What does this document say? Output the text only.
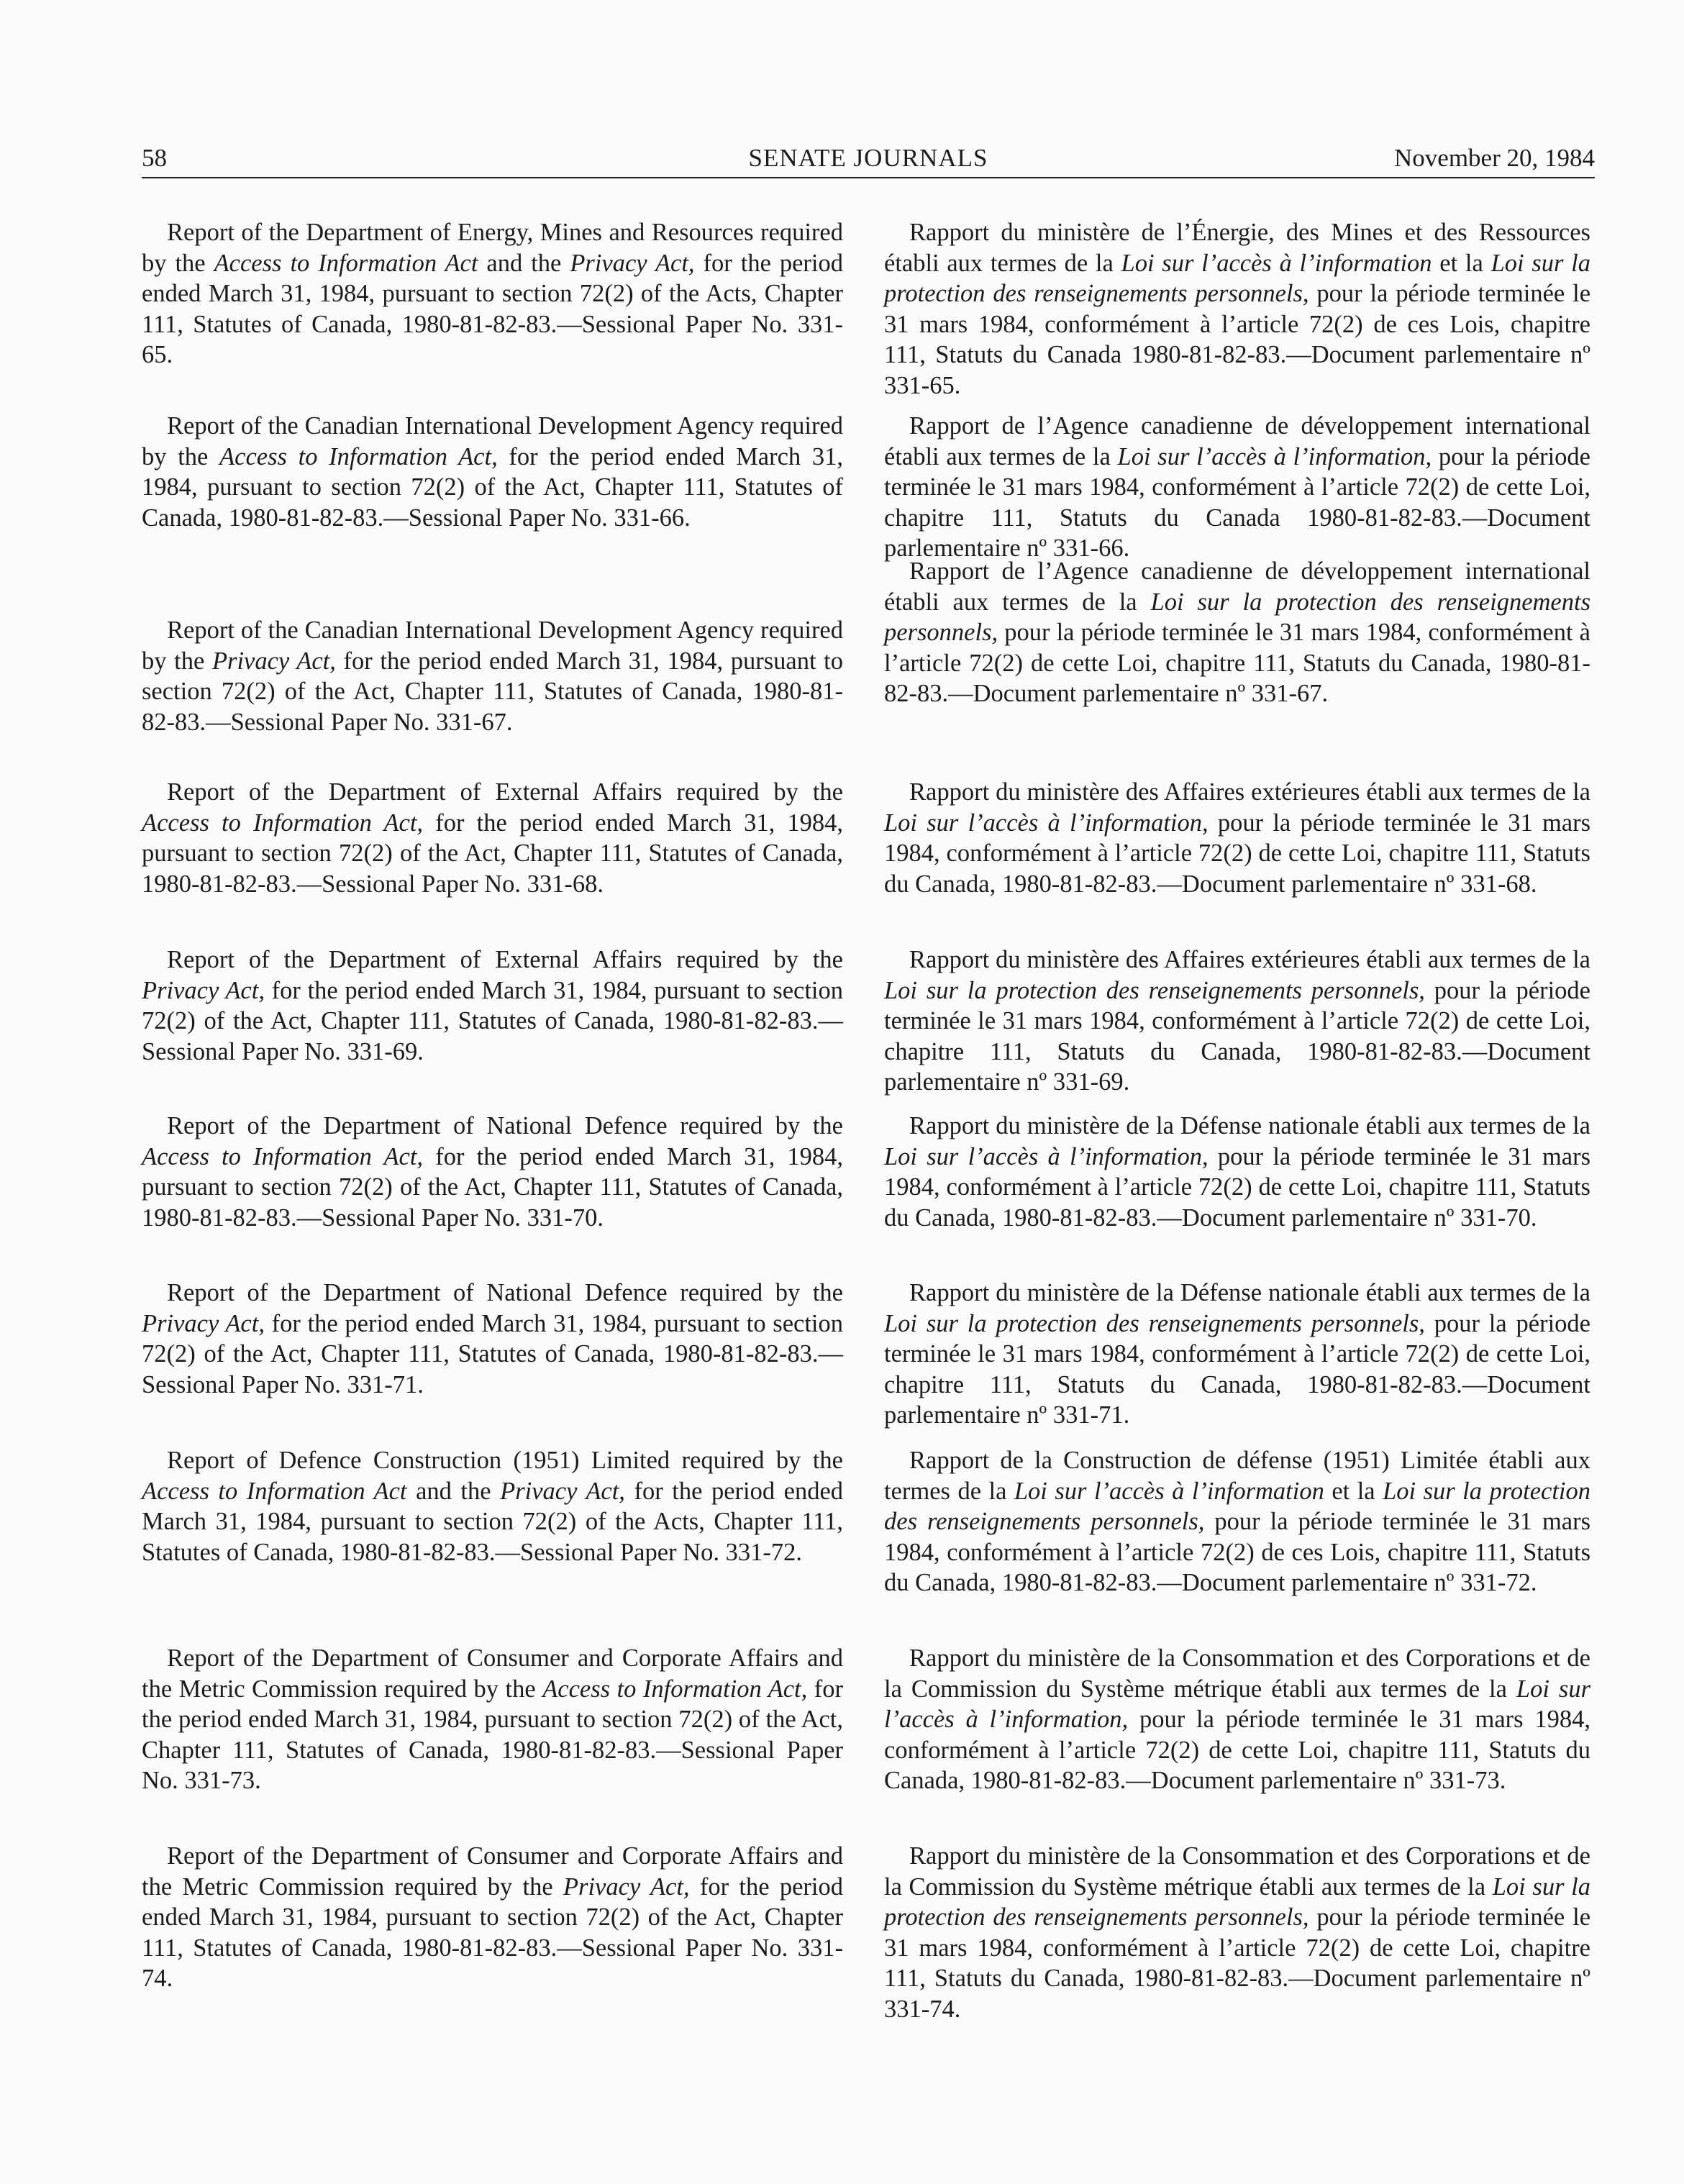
58	SENATE JOURNALS	November 20, 1984

Report of the Department of Energy, Mines and Resources required by the Access to Information Act and the Privacy Act, for the period ended March 31, 1984, pursuant to section 72(2) of the Acts, Chapter 111, Statutes of Canada, 1980-81-82-83.—Sessional Paper No. 331-65.

Report of the Canadian International Development Agency required by the Access to Information Act, for the period ended March 31, 1984, pursuant to section 72(2) of the Act, Chapter 111, Statutes of Canada, 1980-81-82-83.—Sessional Paper No. 331-66.

Report of the Canadian International Development Agency required by the Privacy Act, for the period ended March 31, 1984, pursuant to section 72(2) of the Act, Chapter 111, Statutes of Canada, 1980-81-82-83.—Sessional Paper No. 331-67.

Report of the Department of External Affairs required by the Access to Information Act, for the period ended March 31, 1984, pursuant to section 72(2) of the Act, Chapter 111, Statutes of Canada, 1980-81-82-83.—Sessional Paper No. 331-68.

Report of the Department of External Affairs required by the Privacy Act, for the period ended March 31, 1984, pursuant to section 72(2) of the Act, Chapter 111, Statutes of Canada, 1980-81-82-83.—Sessional Paper No. 331-69.

Report of the Department of National Defence required by the Access to Information Act, for the period ended March 31, 1984, pursuant to section 72(2) of the Act, Chapter 111, Statutes of Canada, 1980-81-82-83.—Sessional Paper No. 331-70.

Report of the Department of National Defence required by the Privacy Act, for the period ended March 31, 1984, pursuant to section 72(2) of the Act, Chapter 111, Statutes of Canada, 1980-81-82-83.—Sessional Paper No. 331-71.

Report of Defence Construction (1951) Limited required by the Access to Information Act and the Privacy Act, for the period ended March 31, 1984, pursuant to section 72(2) of the Acts, Chapter 111, Statutes of Canada, 1980-81-82-83.—Sessional Paper No. 331-72.

Report of the Department of Consumer and Corporate Affairs and the Metric Commission required by the Access to Information Act, for the period ended March 31, 1984, pursuant to section 72(2) of the Act, Chapter 111, Statutes of Canada, 1980-81-82-83.—Sessional Paper No. 331-73.

Report of the Department of Consumer and Corporate Affairs and the Metric Commission required by the Privacy Act, for the period ended March 31, 1984, pursuant to section 72(2) of the Act, Chapter 111, Statutes of Canada, 1980-81-82-83.—Sessional Paper No. 331-74.

Rapport du ministère de l’Énergie, des Mines et des Ressources établi aux termes de la Loi sur l’accès à l’information et la Loi sur la protection des renseignements personnels, pour la période terminée le 31 mars 1984, conformément à l’article 72(2) de ces Lois, chapitre 111, Statuts du Canada 1980-81-82-83.—Document parlementaire nº 331-65.

Rapport de l’Agence canadienne de développement international établi aux termes de la Loi sur l’accès à l’information, pour la période terminée le 31 mars 1984, conformément à l’article 72(2) de cette Loi, chapitre 111, Statuts du Canada 1980-81-82-83.—Document parlementaire nº 331-66.

Rapport de l’Agence canadienne de développement international établi aux termes de la Loi sur la protection des renseignements personnels, pour la période terminée le 31 mars 1984, conformément à l’article 72(2) de cette Loi, chapitre 111, Statuts du Canada, 1980-81-82-83.—Document parlementaire nº 331-67.

Rapport du ministère des Affaires extérieures établi aux termes de la Loi sur l’accès à l’information, pour la période terminée le 31 mars 1984, conformément à l’article 72(2) de cette Loi, chapitre 111, Statuts du Canada, 1980-81-82-83.—Document parlementaire nº 331-68.

Rapport du ministère des Affaires extérieures établi aux termes de la Loi sur la protection des renseignements personnels, pour la période terminée le 31 mars 1984, conformément à l’article 72(2) de cette Loi, chapitre 111, Statuts du Canada, 1980-81-82-83.—Document parlementaire nº 331-69.

Rapport du ministère de la Défense nationale établi aux termes de la Loi sur l’accès à l’information, pour la période terminée le 31 mars 1984, conformément à l’article 72(2) de cette Loi, chapitre 111, Statuts du Canada, 1980-81-82-83.—Document parlementaire nº 331-70.

Rapport du ministère de la Défense nationale établi aux termes de la Loi sur la protection des renseignements personnels, pour la période terminée le 31 mars 1984, conformément à l’article 72(2) de cette Loi, chapitre 111, Statuts du Canada, 1980-81-82-83.—Document parlementaire nº 331-71.

Rapport de la Construction de défense (1951) Limitée établi aux termes de la Loi sur l’accès à l’information et la Loi sur la protection des renseignements personnels, pour la période terminée le 31 mars 1984, conformément à l’article 72(2) de ces Lois, chapitre 111, Statuts du Canada, 1980-81-82-83.—Document parlementaire nº 331-72.

Rapport du ministère de la Consommation et des Corporations et de la Commission du Système métrique établi aux termes de la Loi sur l’accès à l’information, pour la période terminée le 31 mars 1984, conformément à l’article 72(2) de cette Loi, chapitre 111, Statuts du Canada, 1980-81-82-83.—Document parlementaire nº 331-73.

Rapport du ministère de la Consommation et des Corporations et de la Commission du Système métrique établi aux termes de la Loi sur la protection des renseignements personnels, pour la période terminée le 31 mars 1984, conformément à l’article 72(2) de cette Loi, chapitre 111, Statuts du Canada, 1980-81-82-83.—Document parlementaire nº 331-74.
